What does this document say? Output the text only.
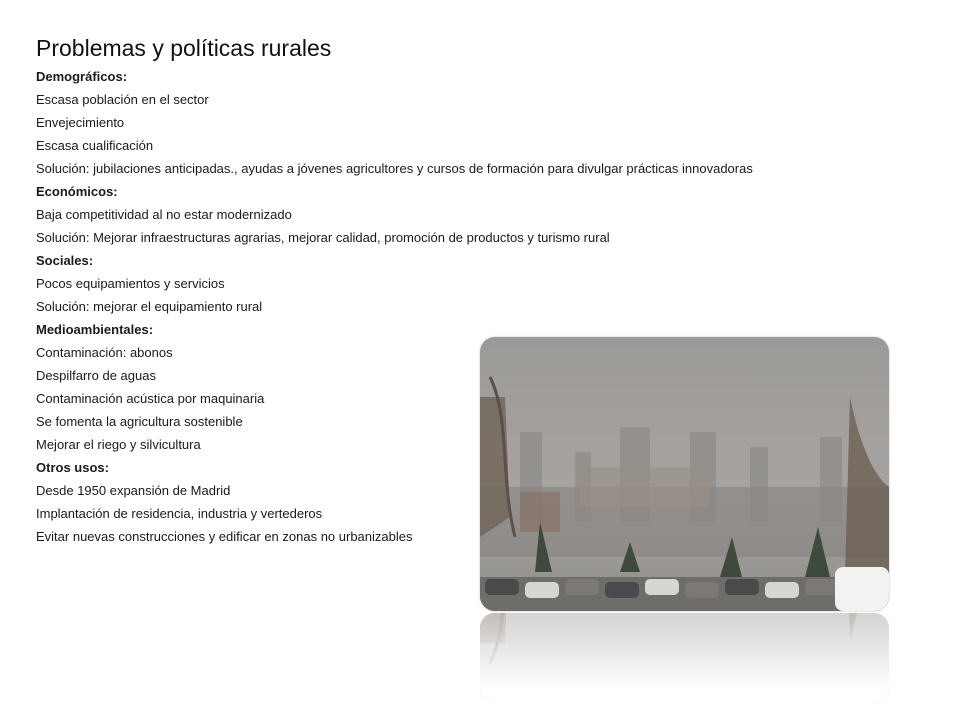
Problemas y políticas rurales
Demográficos:
Escasa población en el sector
Envejecimiento
Escasa cualificación
Solución: jubilaciones anticipadas., ayudas a jóvenes agricultores y cursos de formación para divulgar prácticas innovadoras
Económicos:
Baja competitividad al no estar modernizado
Solución: Mejorar infraestructuras agrarias, mejorar calidad, promoción de productos y turismo rural
Sociales:
Pocos equipamientos y servicios
Solución: mejorar el equipamiento rural
Medioambientales:
Contaminación: abonos
Despilfarro de aguas
Contaminación acústica por maquinaria
Se fomenta la agricultura sostenible
Mejorar el riego y silvicultura
Otros usos:
Desde 1950 expansión de Madrid
Implantación de residencia, industria y vertederos
Evitar nuevas construcciones y edificar en zonas no urbanizables
